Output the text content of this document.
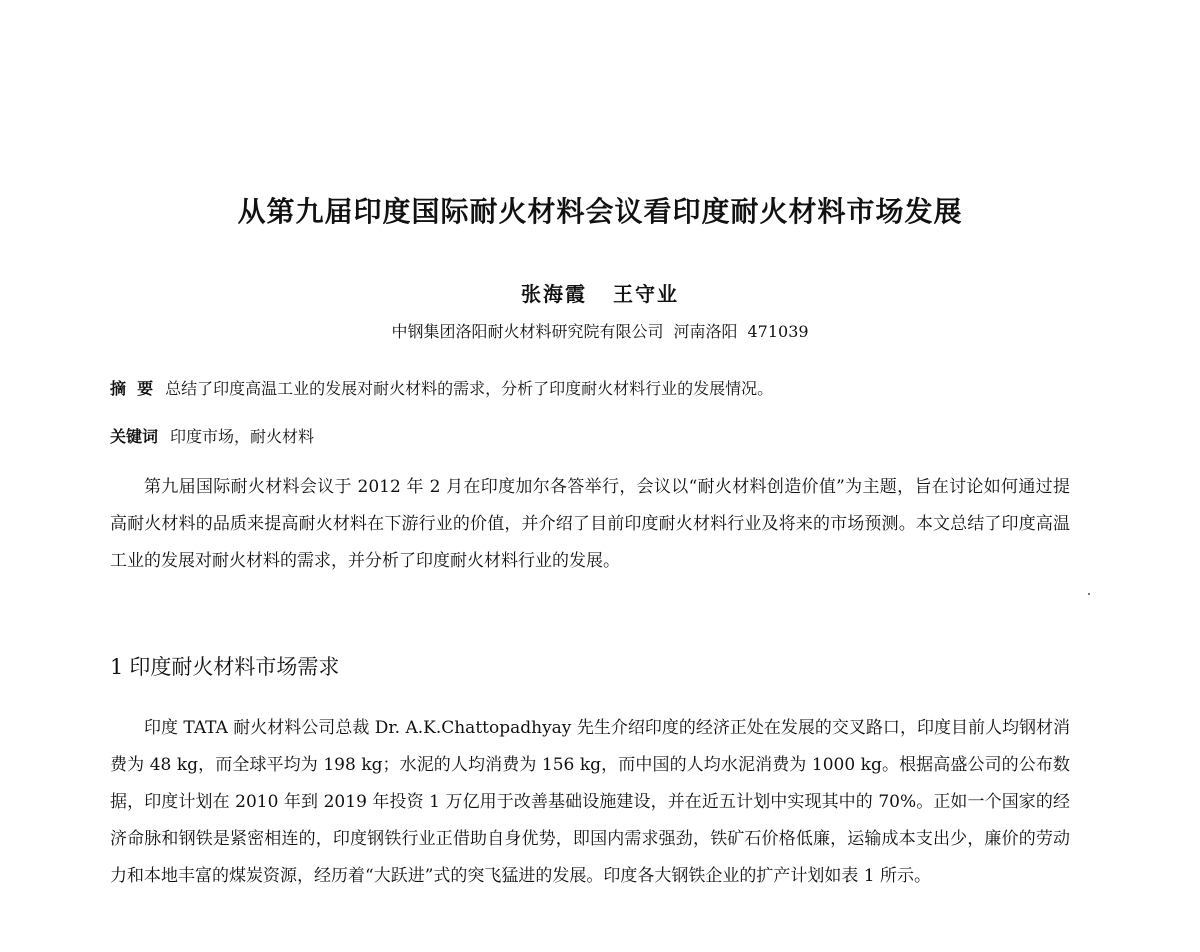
从第九届印度国际耐火材料会议看印度耐火材料市场发展
张海霞 王守业
中钢集团洛阳耐火材料研究院有限公司 河南洛阳 471039
摘  要 总结了印度高温工业的发展对耐火材料的需求，分析了印度耐火材料行业的发展情况。
关键词 印度市场，耐火材料

第九届国际耐火材料会议于 2012 年 2 月在印度加尔各答举行，会议以“耐火材料创造价值”为主题，旨在讨论如何通过提高耐火材料的品质来提高耐火材料在下游行业的价值，并介绍了目前印度耐火材料行业及将来的市场预测。本文总结了印度高温工业的发展对耐火材料的需求，并分析了印度耐火材料行业的发展。

1 印度耐火材料市场需求

印度 TATA 耐火材料公司总裁 Dr. A.K.Chattopadhyay 先生介绍印度的经济正处在发展的交叉路口，印度目前人均钢材消费为 48 kg，而全球平均为 198 kg；水泥的人均消费为 156 kg，而中国的人均水泥消费为 1000 kg。根据高盛公司的公布数据，印度计划在 2010 年到 2019 年投资 1 万亿用于改善基础设施建设，并在近五计划中实现其中的 70%。正如一个国家的经济命脉和钢铁是紧密相连的，印度钢铁行业正借助自身优势，即国内需求强劲，铁矿石价格低廉，运输成本支出少，廉价的劳动力和本地丰富的煤炭资源，经历着“大跃进”式的突飞猛进的发展。印度各大钢铁企业的扩产计划如表 1 所示。
